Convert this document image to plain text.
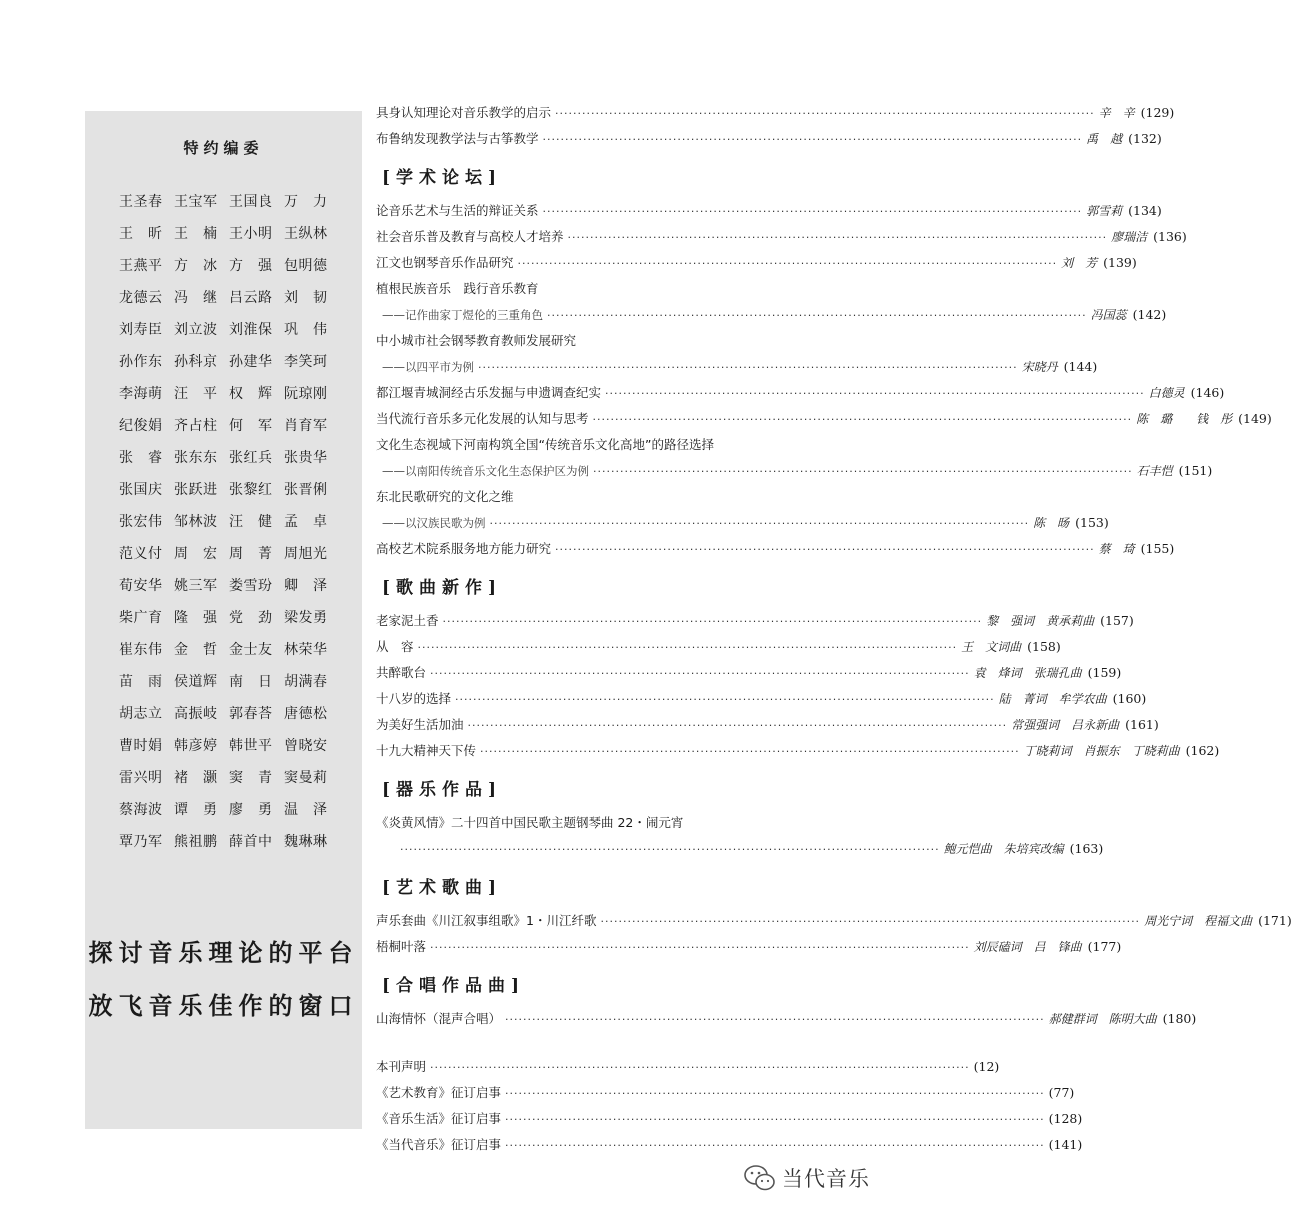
特约编委
王圣春 王宝军 王国良 万　力
王　昕 王　楠 王小明 王纵林
王燕平 方　冰 方　强 包明德
龙德云 冯　继 吕云路 刘　韧
刘寿臣 刘立波 刘淮保 巩　伟
孙作东 孙科京 孙建华 李笑珂
李海萌 汪　平 权　辉 阮琼刚
纪俊娟 齐占柱 何　军 肖育军
张　睿 张东东 张红兵 张贵华
张国庆 张跃进 张黎红 张晋俐
张宏伟 邹林波 汪　健 孟　卓
范义付 周　宏 周　菁 周旭光
荀安华 姚三军 娄雪玢 卿　泽
柴广育 隆　强 党　劲 梁发勇
崔东伟 金　哲 金士友 林荣华
苗　雨 侯道辉 南　日 胡满春
胡志立 高振岐 郭春荅 唐德松
曹时娟 韩彦婷 韩世平 曾晓安
雷兴明 褚　灏 窦　青 窦曼莉
蔡海波 谭　勇 廖　勇 温　泽
覃乃军 熊祖鹏 薛首中 魏琳琳
探讨音乐理论的平台
放飞音乐佳作的窗口
具身认知理论对音乐教学的启示 ························································································································ 辛　辛 (129)
布鲁纳发现教学法与古筝教学 ························································································································ 禹　越 (132)
[学术论坛]
论音乐艺术与生活的辩证关系 ························································································································ 郭雪莉 (134)
社会音乐普及教育与高校人才培养 ························································································································ 廖瑞洁 (136)
江文也钢琴音乐作品研究 ························································································································ 刘　芳 (139)
植根民族音乐　践行音乐教育
——记作曲家丁煜伦的三重角色 ························································································································ 冯国蕊 (142)
中小城市社会钢琴教育教师发展研究
——以四平市为例 ························································································································ 宋晓丹 (144)
都江堰青城洞经古乐发掘与申遗调查纪实 ························································································································ 白德灵 (146)
当代流行音乐多元化发展的认知与思考 ························································································································ 陈　璐　　钱　彤 (149)
文化生态视域下河南构筑全国“传统音乐文化高地”的路径选择
——以南阳传统音乐文化生态保护区为例 ························································································································ 石丰恺 (151)
东北民歌研究的文化之维
——以汉族民歌为例 ························································································································ 陈　旸 (153)
高校艺术院系服务地方能力研究 ························································································································ 蔡　琦 (155)
[歌曲新作]
老家泥土香 ························································································································ 黎　强词　黄承莉曲 (157)
从　容 ························································································································ 王　文词曲 (158)
共醉歌台 ························································································································ 袁　烽词　张瑞孔曲 (159)
十八岁的选择 ························································································································ 陆　菁词　牟学农曲 (160)
为美好生活加油 ························································································································ 常强强词　吕永新曲 (161)
十九大精神天下传 ························································································································ 丁晓莉词　肖振东　丁晓莉曲 (162)
[器乐作品]
《炎黄风情》二十四首中国民歌主题钢琴曲 22・闹元宵
························································································································ 鲍元恺曲　朱培宾改编 (163)
[艺术歌曲]
声乐套曲《川江叙事组歌》1・川江纤歌 ························································································································ 周光宁词　程福文曲 (171)
梧桐叶落 ························································································································ 刘辰磕词　吕　锋曲 (177)
[合唱作品曲]
山海情怀（混声合唱） ························································································································ 郝健群词　陈明大曲 (180)
本刊声明 ························································································································ (12)
《艺术教育》征订启事 ························································································································ (77)
《音乐生活》征订启事 ························································································································ (128)
《当代音乐》征订启事 ························································································································ (141)
当代音乐
